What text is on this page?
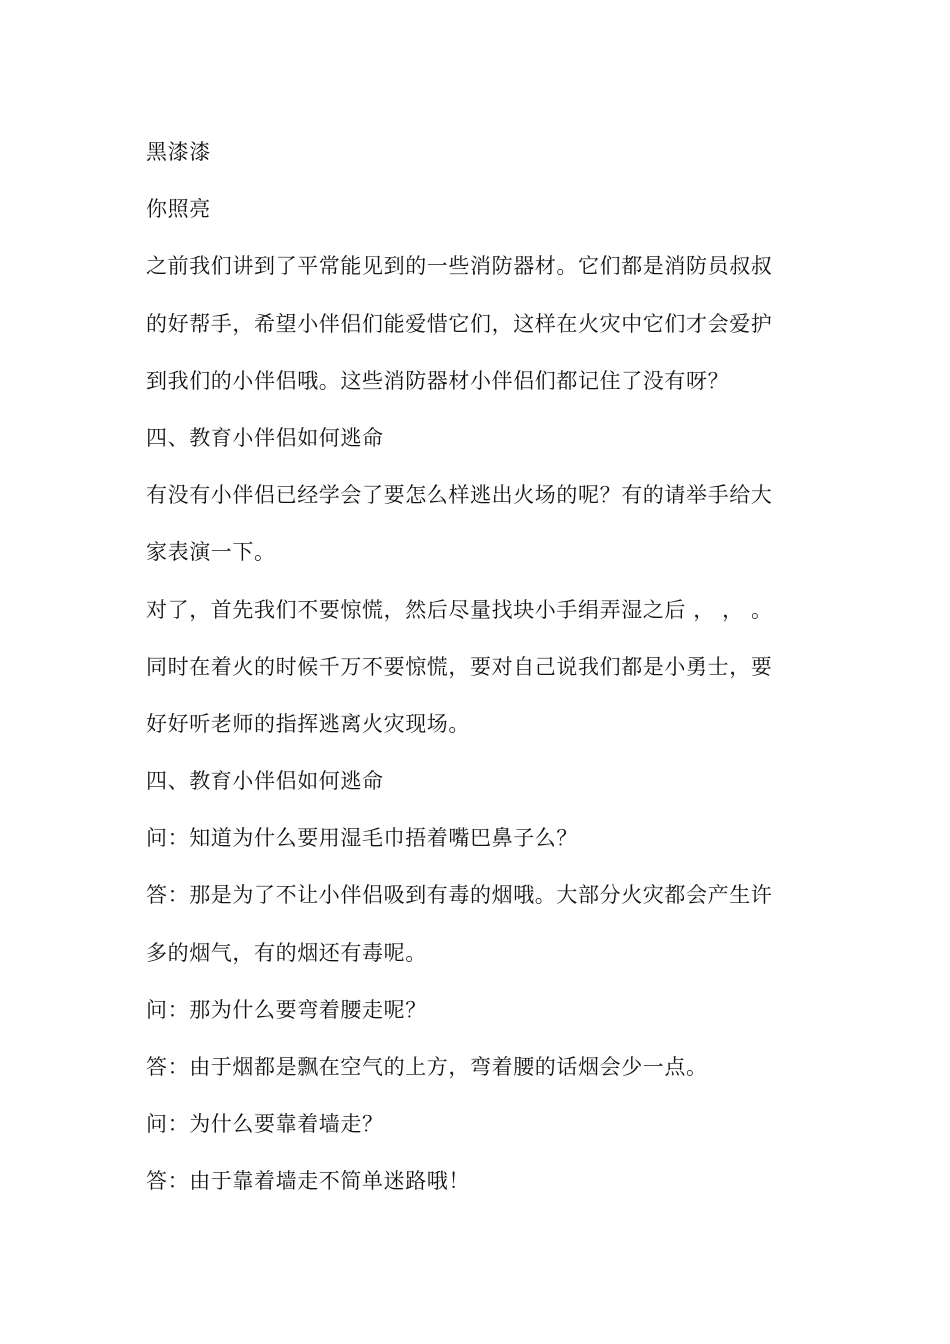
黑漆漆
你照亮
之前我们讲到了平常能见到的一些消防器材。它们都是消防员叔叔
的好帮手，希望小伴侣们能爱惜它们，这样在火灾中它们才会爱护
到我们的小伴侣哦。这些消防器材小伴侣们都记住了没有呀？
四、教育小伴侣如何逃命
有没有小伴侣已经学会了要怎么样逃出火场的呢？有的请举手给大
家表演一下。
对了，首先我们不要惊慌，然后尽量找块小手绢弄湿之后 ， ， 。
同时在着火的时候千万不要惊慌，要对自己说我们都是小勇士，要
好好听老师的指挥逃离火灾现场。
四、教育小伴侣如何逃命
问：知道为什么要用湿毛巾捂着嘴巴鼻子么？
答：那是为了不让小伴侣吸到有毒的烟哦。大部分火灾都会产生许
多的烟气，有的烟还有毒呢。
问：那为什么要弯着腰走呢？
答：由于烟都是飘在空气的上方，弯着腰的话烟会少一点。
问：为什么要靠着墙走？
答：由于靠着墙走不简单迷路哦！
